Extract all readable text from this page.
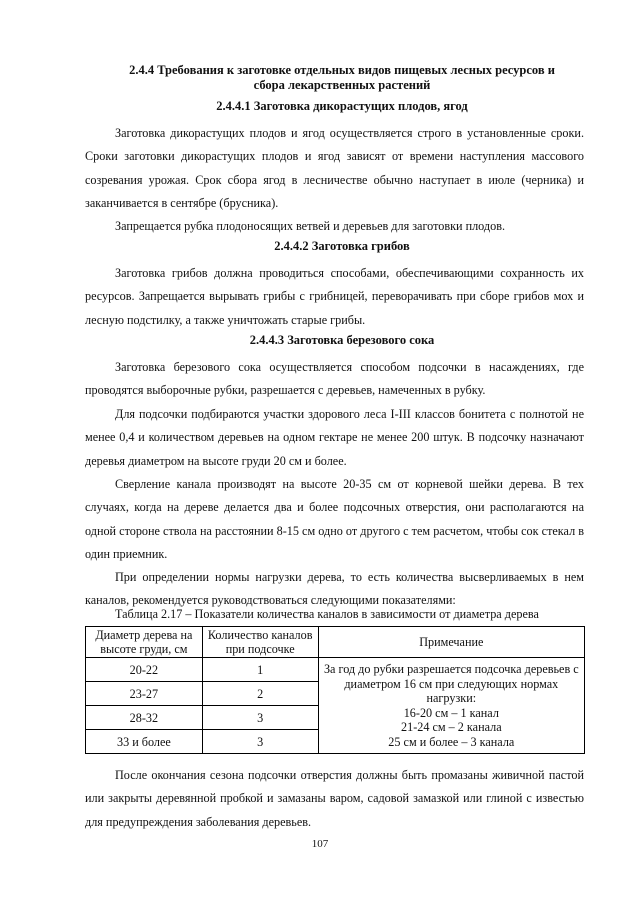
2.4.4 Требования к заготовке отдельных видов пищевых лесных ресурсов и
сбора лекарственных растений
2.4.4.1 Заготовка дикорастущих плодов, ягод

Заготовка дикорастущих плодов и ягод осуществляется строго в установленные сроки. Сроки заготовки дикорастущих плодов и ягод зависят от времени наступления массового созревания урожая. Срок сбора ягод в лесничестве обычно наступает в июле (черника) и заканчивается в сентябре (брусника).

Запрещается рубка плодоносящих ветвей и деревьев для заготовки плодов.

2.4.4.2 Заготовка грибов

Заготовка грибов должна проводиться способами, обеспечивающими сохранность их ресурсов. Запрещается вырывать грибы с грибницей, переворачивать при сборе грибов мох и лесную подстилку, а также уничтожать старые грибы.

2.4.4.3 Заготовка березового сока

Заготовка березового сока осуществляется способом подсочки в насаждениях, где проводятся выборочные рубки, разрешается с деревьев, намеченных в рубку.

Для подсочки подбираются участки здорового леса I-III классов бонитета с полнотой не менее 0,4 и количеством деревьев на одном гектаре не менее 200 штук. В подсочку назначают деревья диаметром на высоте груди 20 см и более.

Сверление канала производят на высоте 20-35 см от корневой шейки дерева. В тех случаях, когда на дереве делается два и более подсочных отверстия, они располагаются на одной стороне ствола на расстоянии 8-15 см одно от другого с тем расчетом, чтобы сок стекал в один приемник.

При определении нормы нагрузки дерева, то есть количества высверливаемых в нем каналов, рекомендуется руководствоваться следующими показателями:

Таблица 2.17 – Показатели количества каналов в зависимости от диаметра дерева
Диаметр дерева на высоте груди, см	Количество каналов при подсочке	Примечание
20-22	1	За год до рубки разрешается подсочка деревьев с диаметром 16 см при следующих нормах нагрузки:
16-20 см – 1 канал
21-24 см – 2 канала
25 см и более – 3 канала

23-27	2	
28-32	3	
33 и более	3	

После окончания сезона подсочки отверстия должны быть промазаны живичной пастой или закрыты деревянной пробкой и замазаны варом, садовой замазкой или глиной с известью для предупреждения заболевания деревьев.

107
